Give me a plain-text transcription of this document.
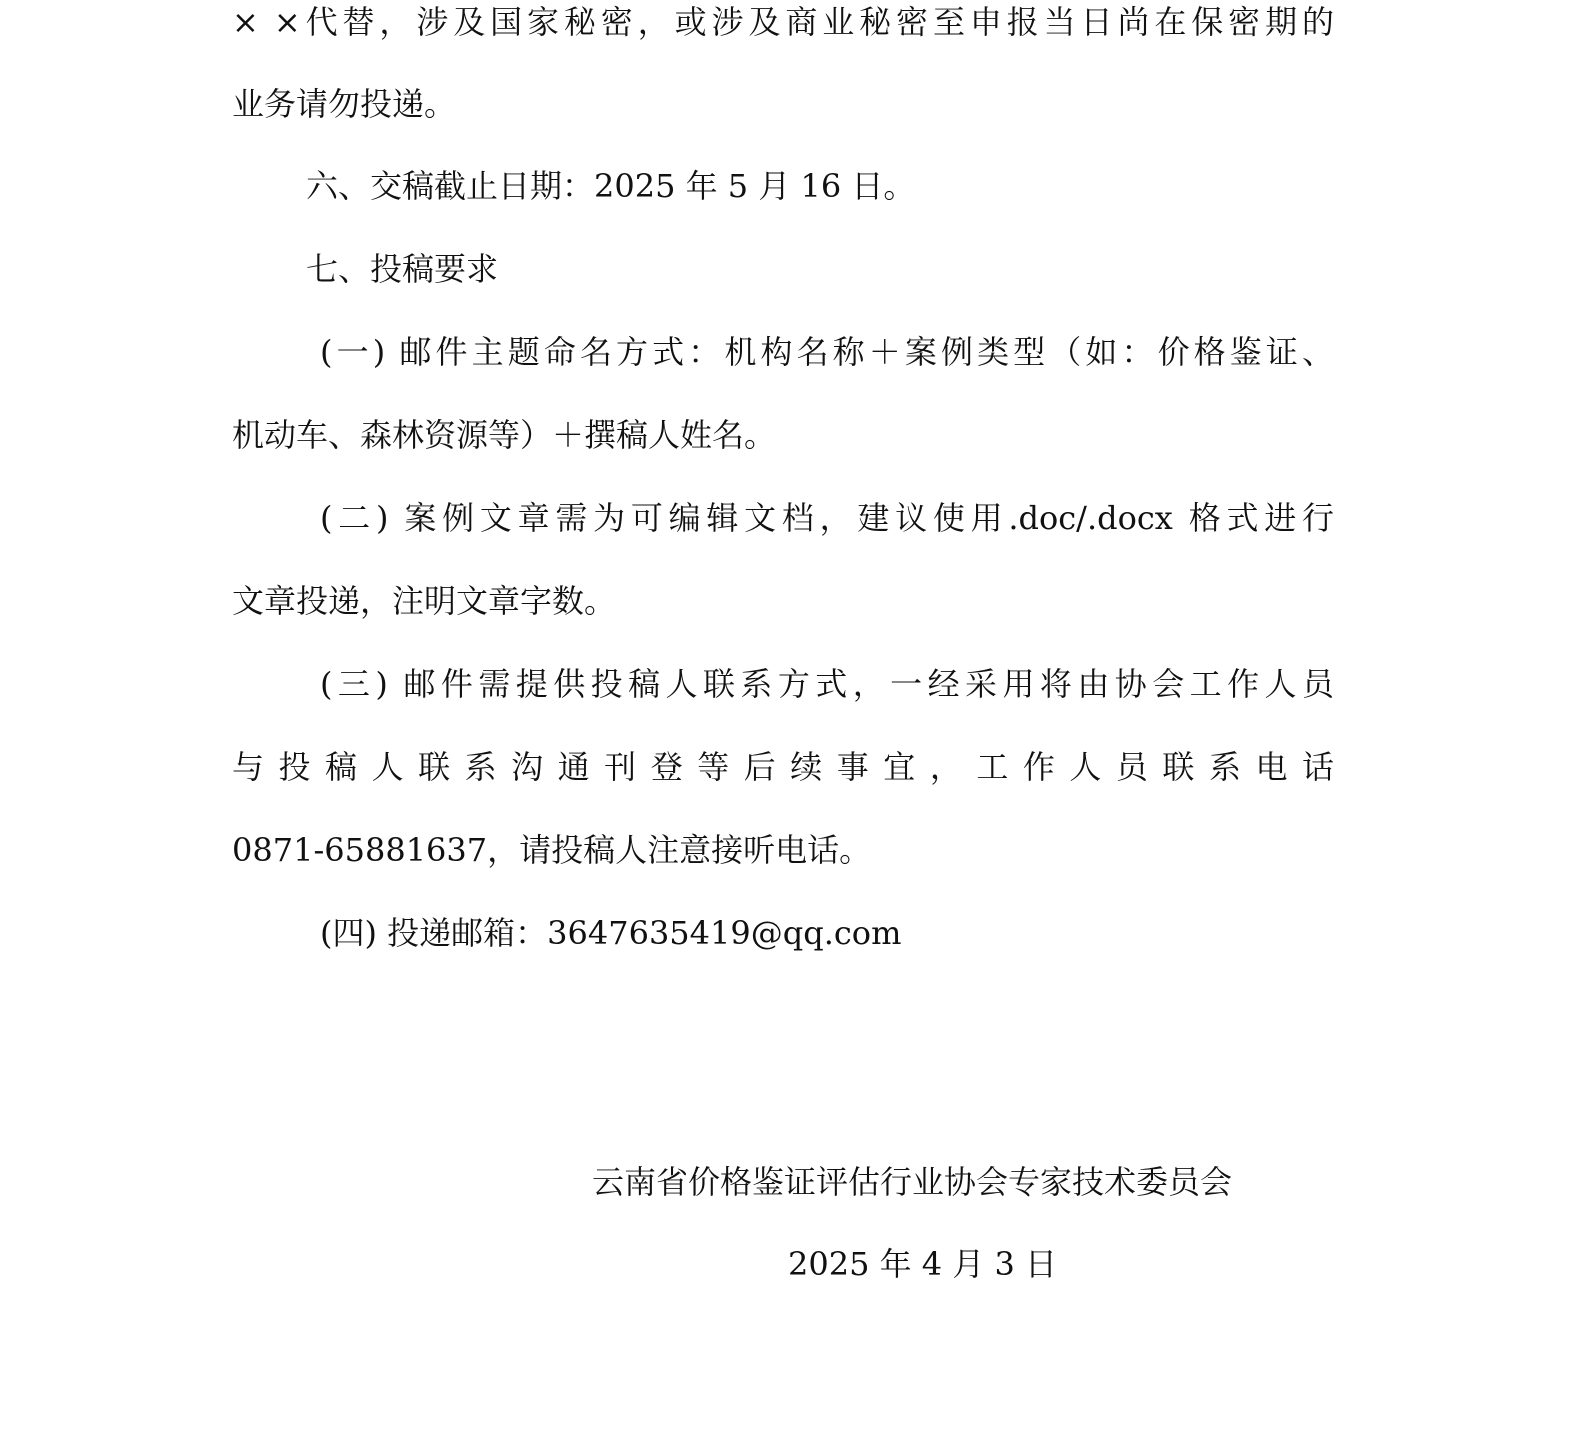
× ×代替，涉及国家秘密，或涉及商业秘密至申报当日尚在保密期的
业务请勿投递。
六、交稿截止日期：2025 年 5 月 16 日。
七、投稿要求
(一) 邮件主题命名方式：机构名称＋案例类型（如：价格鉴证、
机动车、森林资源等）＋撰稿人姓名。
(二) 案例文章需为可编辑文档，建议使用.doc/.docx 格式进行
文章投递，注明文章字数。
(三) 邮件需提供投稿人联系方式，一经采用将由协会工作人员
与投稿人联系沟通刊登等后续事宜，工作人员联系电话
0871-65881637，请投稿人注意接听电话。
(四) 投递邮箱：3647635419@qq.com
云南省价格鉴证评估行业协会专家技术委员会
2025 年 4 月 3 日
